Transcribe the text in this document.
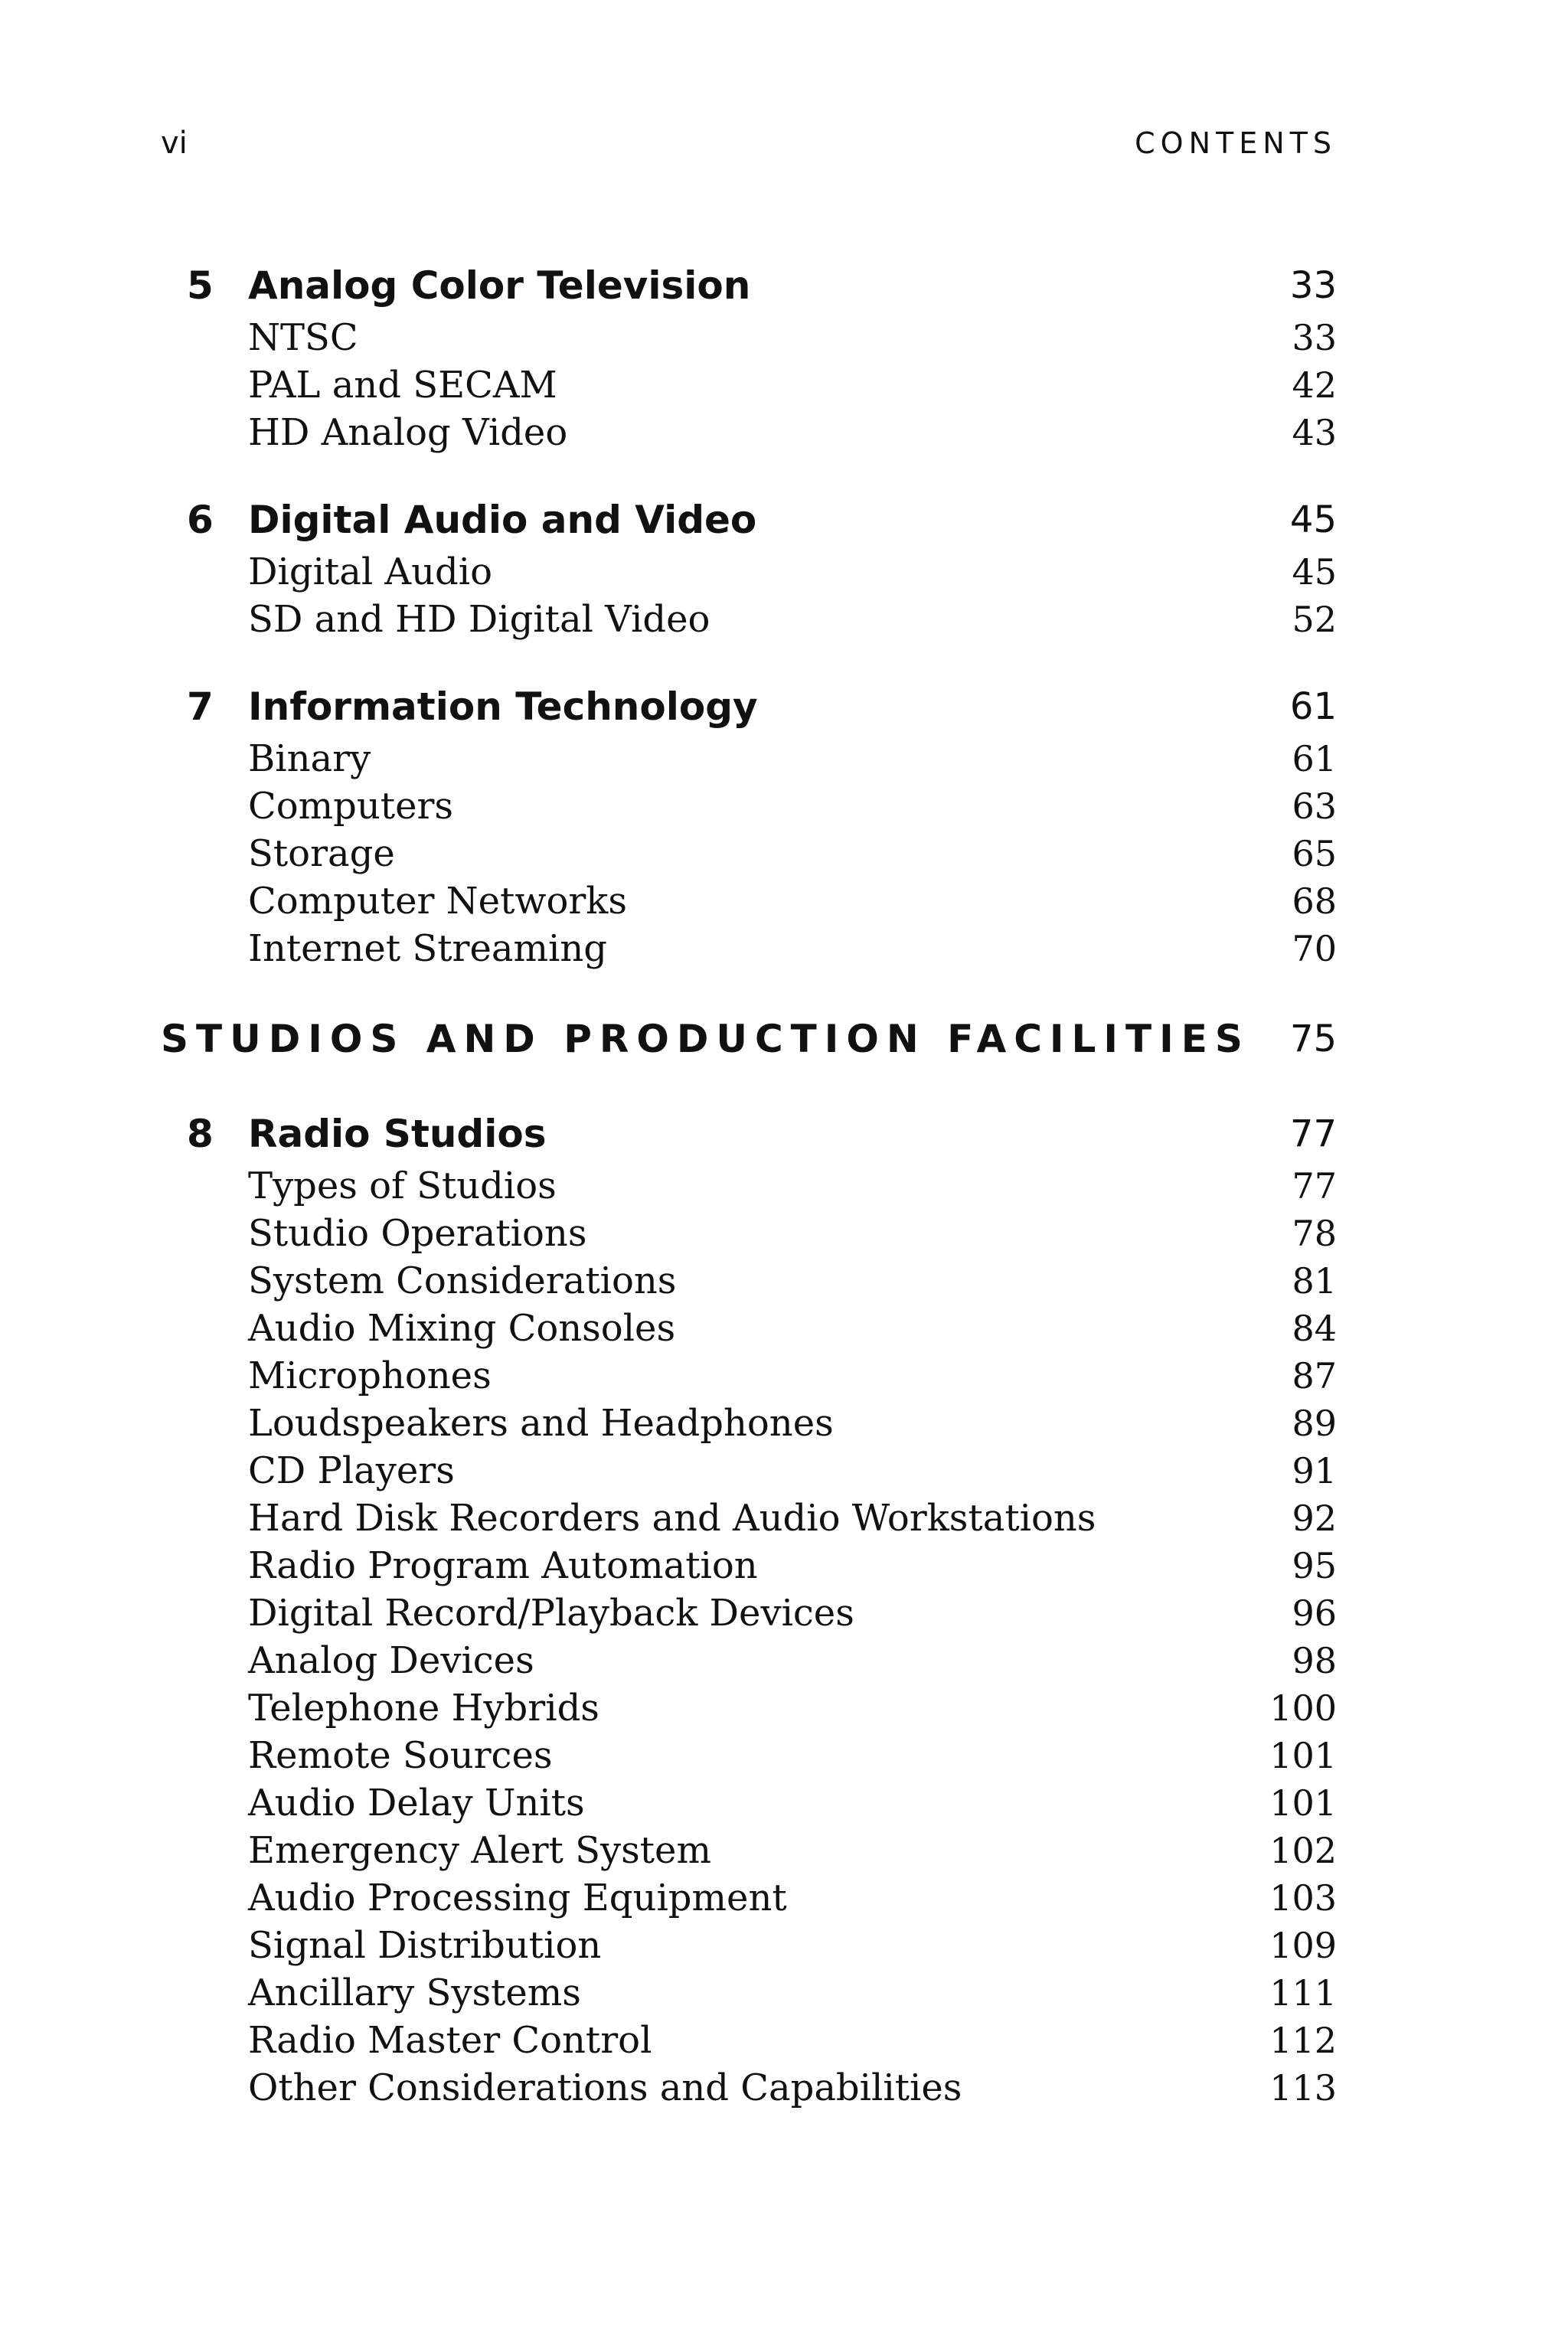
vi	CONTENTS
5 Analog Color Television	33
NTSC	33
PAL and SECAM	42
HD Analog Video	43
6 Digital Audio and Video	45
Digital Audio	45
SD and HD Digital Video	52
7 Information Technology	61
Binary	61
Computers	63
Storage	65
Computer Networks	68
Internet Streaming	70
STUDIOS AND PRODUCTION FACILITIES 75
8 Radio Studios	77
Types of Studios	77
Studio Operations	78
System Considerations	81
Audio Mixing Consoles	84
Microphones	87
Loudspeakers and Headphones	89
CD Players	91
Hard Disk Recorders and Audio Workstations	92
Radio Program Automation	95
Digital Record/Playback Devices	96
Analog Devices	98
Telephone Hybrids	100
Remote Sources	101
Audio Delay Units	101
Emergency Alert System	102
Audio Processing Equipment	103
Signal Distribution	109
Ancillary Systems	111
Radio Master Control	112
Other Considerations and Capabilities	113
